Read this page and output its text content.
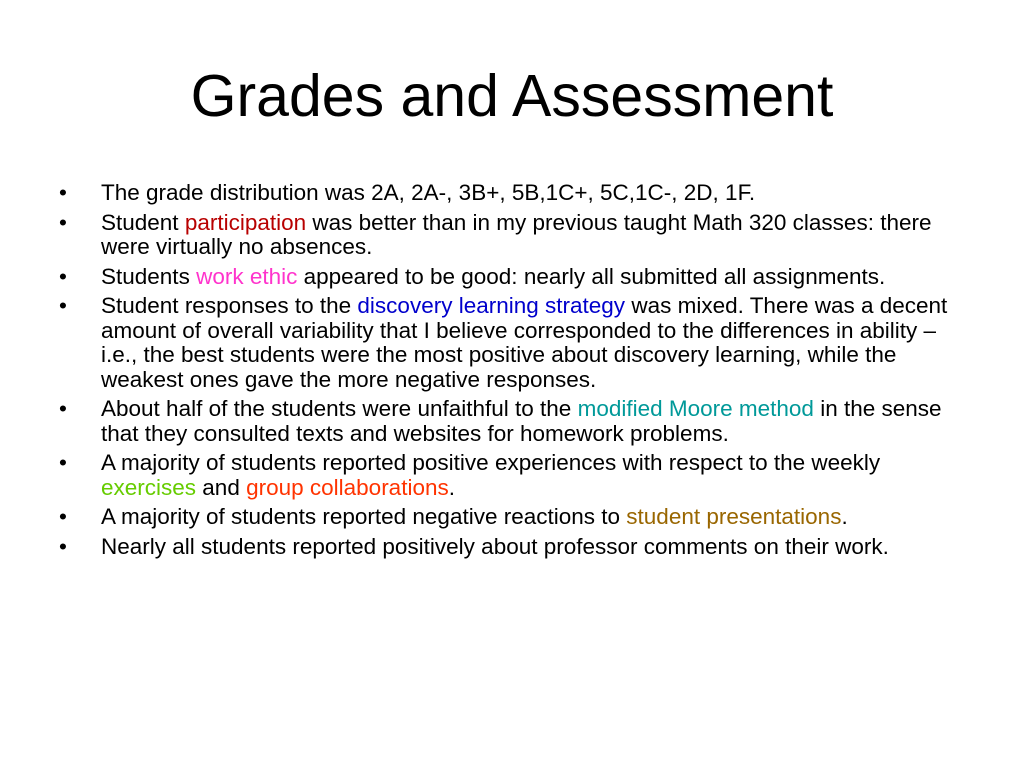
Grades and Assessment
• The grade distribution was 2A, 2A-, 3B+, 5B,1C+, 5C,1C-, 2D, 1F.
• Student participation was better than in my previous taught Math 320 classes: there were virtually no absences.
• Students work ethic appeared to be good: nearly all submitted all assignments.
• Student responses to the discovery learning strategy was mixed. There was a decent amount of overall variability that I believe corresponded to the differences in ability – i.e., the best students were the most positive about discovery learning, while the weakest ones gave the more negative responses.
• About half of the students were unfaithful to the modified Moore method in the sense that they consulted texts and websites for homework problems.
• A majority of students reported positive experiences with respect to the weekly exercises and group collaborations.
• A majority of students reported negative reactions to student presentations.
• Nearly all students reported positively about professor comments on their work.
